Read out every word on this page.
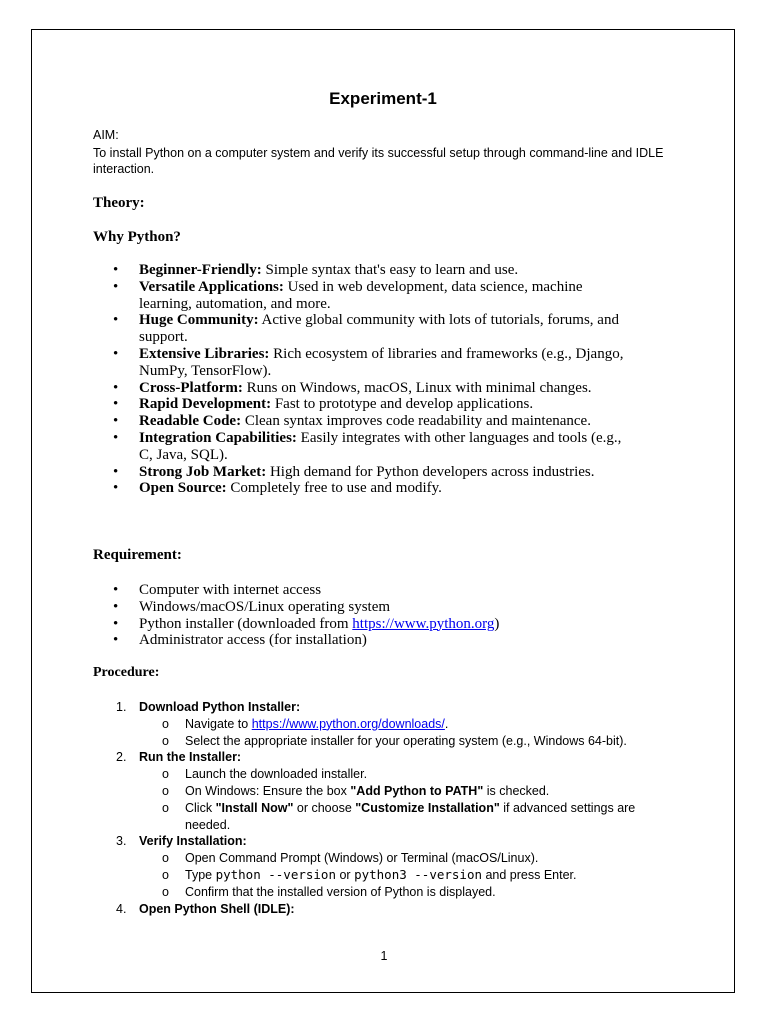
Experiment-1
AIM:
To install Python on a computer system and verify its successful setup through command-line and IDLE interaction.
Theory:
Why Python?
• Beginner-Friendly: Simple syntax that's easy to learn and use.
• Versatile Applications: Used in web development, data science, machine learning, automation, and more.
• Huge Community: Active global community with lots of tutorials, forums, and support.
• Extensive Libraries: Rich ecosystem of libraries and frameworks (e.g., Django, NumPy, TensorFlow).
• Cross-Platform: Runs on Windows, macOS, Linux with minimal changes.
• Rapid Development: Fast to prototype and develop applications.
• Readable Code: Clean syntax improves code readability and maintenance.
• Integration Capabilities: Easily integrates with other languages and tools (e.g., C, Java, SQL).
• Strong Job Market: High demand for Python developers across industries.
• Open Source: Completely free to use and modify.
Requirement:
• Computer with internet access
• Windows/macOS/Linux operating system
• Python installer (downloaded from https://www.python.org)
• Administrator access (for installation)
Procedure:
1. Download Python Installer:
o Navigate to https://www.python.org/downloads/.
o Select the appropriate installer for your operating system (e.g., Windows 64-bit).
2. Run the Installer:
o Launch the downloaded installer.
o On Windows: Ensure the box "Add Python to PATH" is checked.
o Click "Install Now" or choose "Customize Installation" if advanced settings are needed.
3. Verify Installation:
o Open Command Prompt (Windows) or Terminal (macOS/Linux).
o Type python --version or python3 --version and press Enter.
o Confirm that the installed version of Python is displayed.
4. Open Python Shell (IDLE):
1
